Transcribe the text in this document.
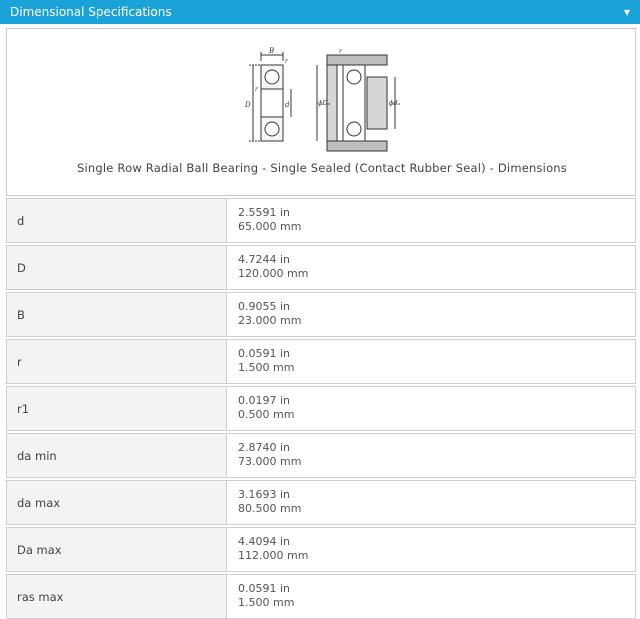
Dimensional Specifications	▾
B
D	d
r
r
r
ϕDₐ	ϕdₐ
Single Row Radial Ball Bearing - Single Sealed (Contact Rubber Seal) - Dimensions
d
2.5591 in
65.000 mm
D
4.7244 in
120.000 mm
B
0.9055 in
23.000 mm
r
0.0591 in
1.500 mm
r1
0.0197 in
0.500 mm
da min
2.8740 in
73.000 mm
da max
3.1693 in
80.500 mm
Da max
4.4094 in
112.000 mm
ras max
0.0591 in
1.500 mm
